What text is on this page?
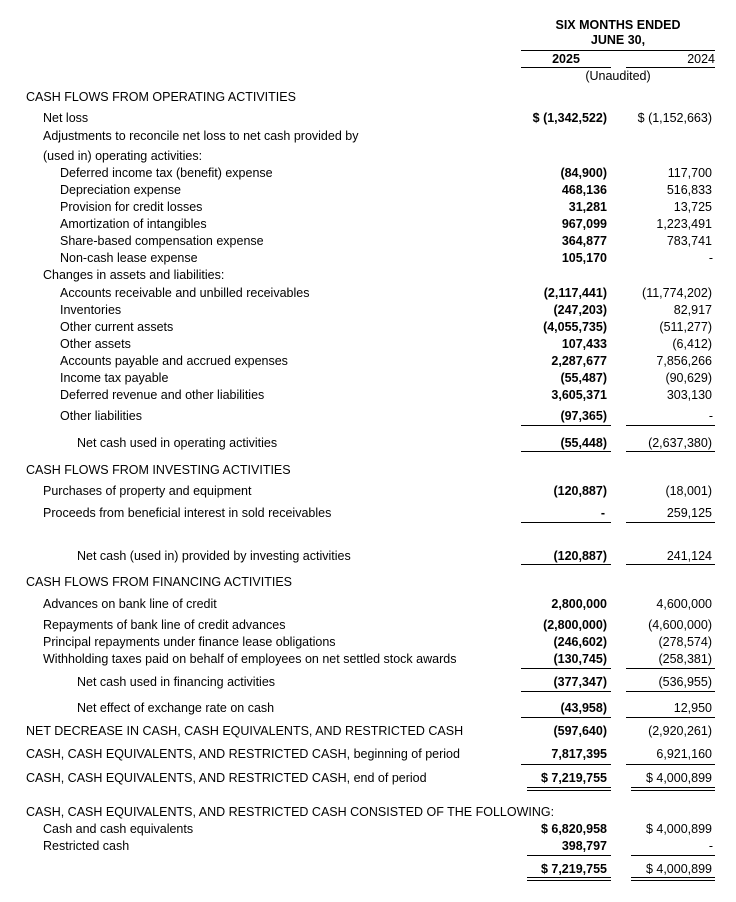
SIX MONTHS ENDED
JUNE 30,
2025	2024
(Unaudited)
CASH FLOWS FROM OPERATING ACTIVITIES
Net loss	$ (1,342,522) $ (1,152,663)
Adjustments to reconcile net loss to net cash provided by
(used in) operating activities:
Deferred income tax (benefit) expense	(84,900)	117,700
Depreciation expense	468,136	516,833
Provision for credit losses	31,281	13,725
Amortization of intangibles	967,099	1,223,491
Share-based compensation expense	364,877	783,741
Non-cash lease expense	105,170	-
Changes in assets and liabilities:
Accounts receivable and unbilled receivables	(2,117,441)	(11,774,202)
Inventories	(247,203)	82,917
Other current assets	(4,055,735)	(511,277)
Other assets	107,433	(6,412)
Accounts payable and accrued expenses	2,287,677	7,856,266
Income tax payable	(55,487)	(90,629)
Deferred revenue and other liabilities	3,605,371	303,130
Other liabilities	(97,365)	-
Net cash used in operating activities	(55,448)	(2,637,380)
CASH FLOWS FROM INVESTING ACTIVITIES
Purchases of property and equipment	(120,887)	(18,001)
Proceeds from beneficial interest in sold receivables	-	259,125
Net cash (used in) provided by investing activities	(120,887)	241,124
CASH FLOWS FROM FINANCING ACTIVITIES
Advances on bank line of credit	2,800,000	4,600,000
Repayments of bank line of credit advances	(2,800,000)	(4,600,000)
Principal repayments under finance lease obligations	(246,602)	(278,574)
Withholding taxes paid on behalf of employees on net settled stock awards	(130,745)	(258,381)
Net cash used in financing activities	(377,347)	(536,955)
Net effect of exchange rate on cash	(43,958)	12,950
NET DECREASE IN CASH, CASH EQUIVALENTS, AND RESTRICTED CASH	(597,640)	(2,920,261)
CASH, CASH EQUIVALENTS, AND RESTRICTED CASH, beginning of period	7,817,395	6,921,160
CASH, CASH EQUIVALENTS, AND RESTRICTED CASH, end of period	$ 7,219,755	$ 4,000,899
CASH, CASH EQUIVALENTS, AND RESTRICTED CASH CONSISTED OF THE FOLLOWING:
Cash and cash equivalents	$ 6,820,958	$ 4,000,899
Restricted cash	398,797	-
$ 7,219,755	$ 4,000,899
